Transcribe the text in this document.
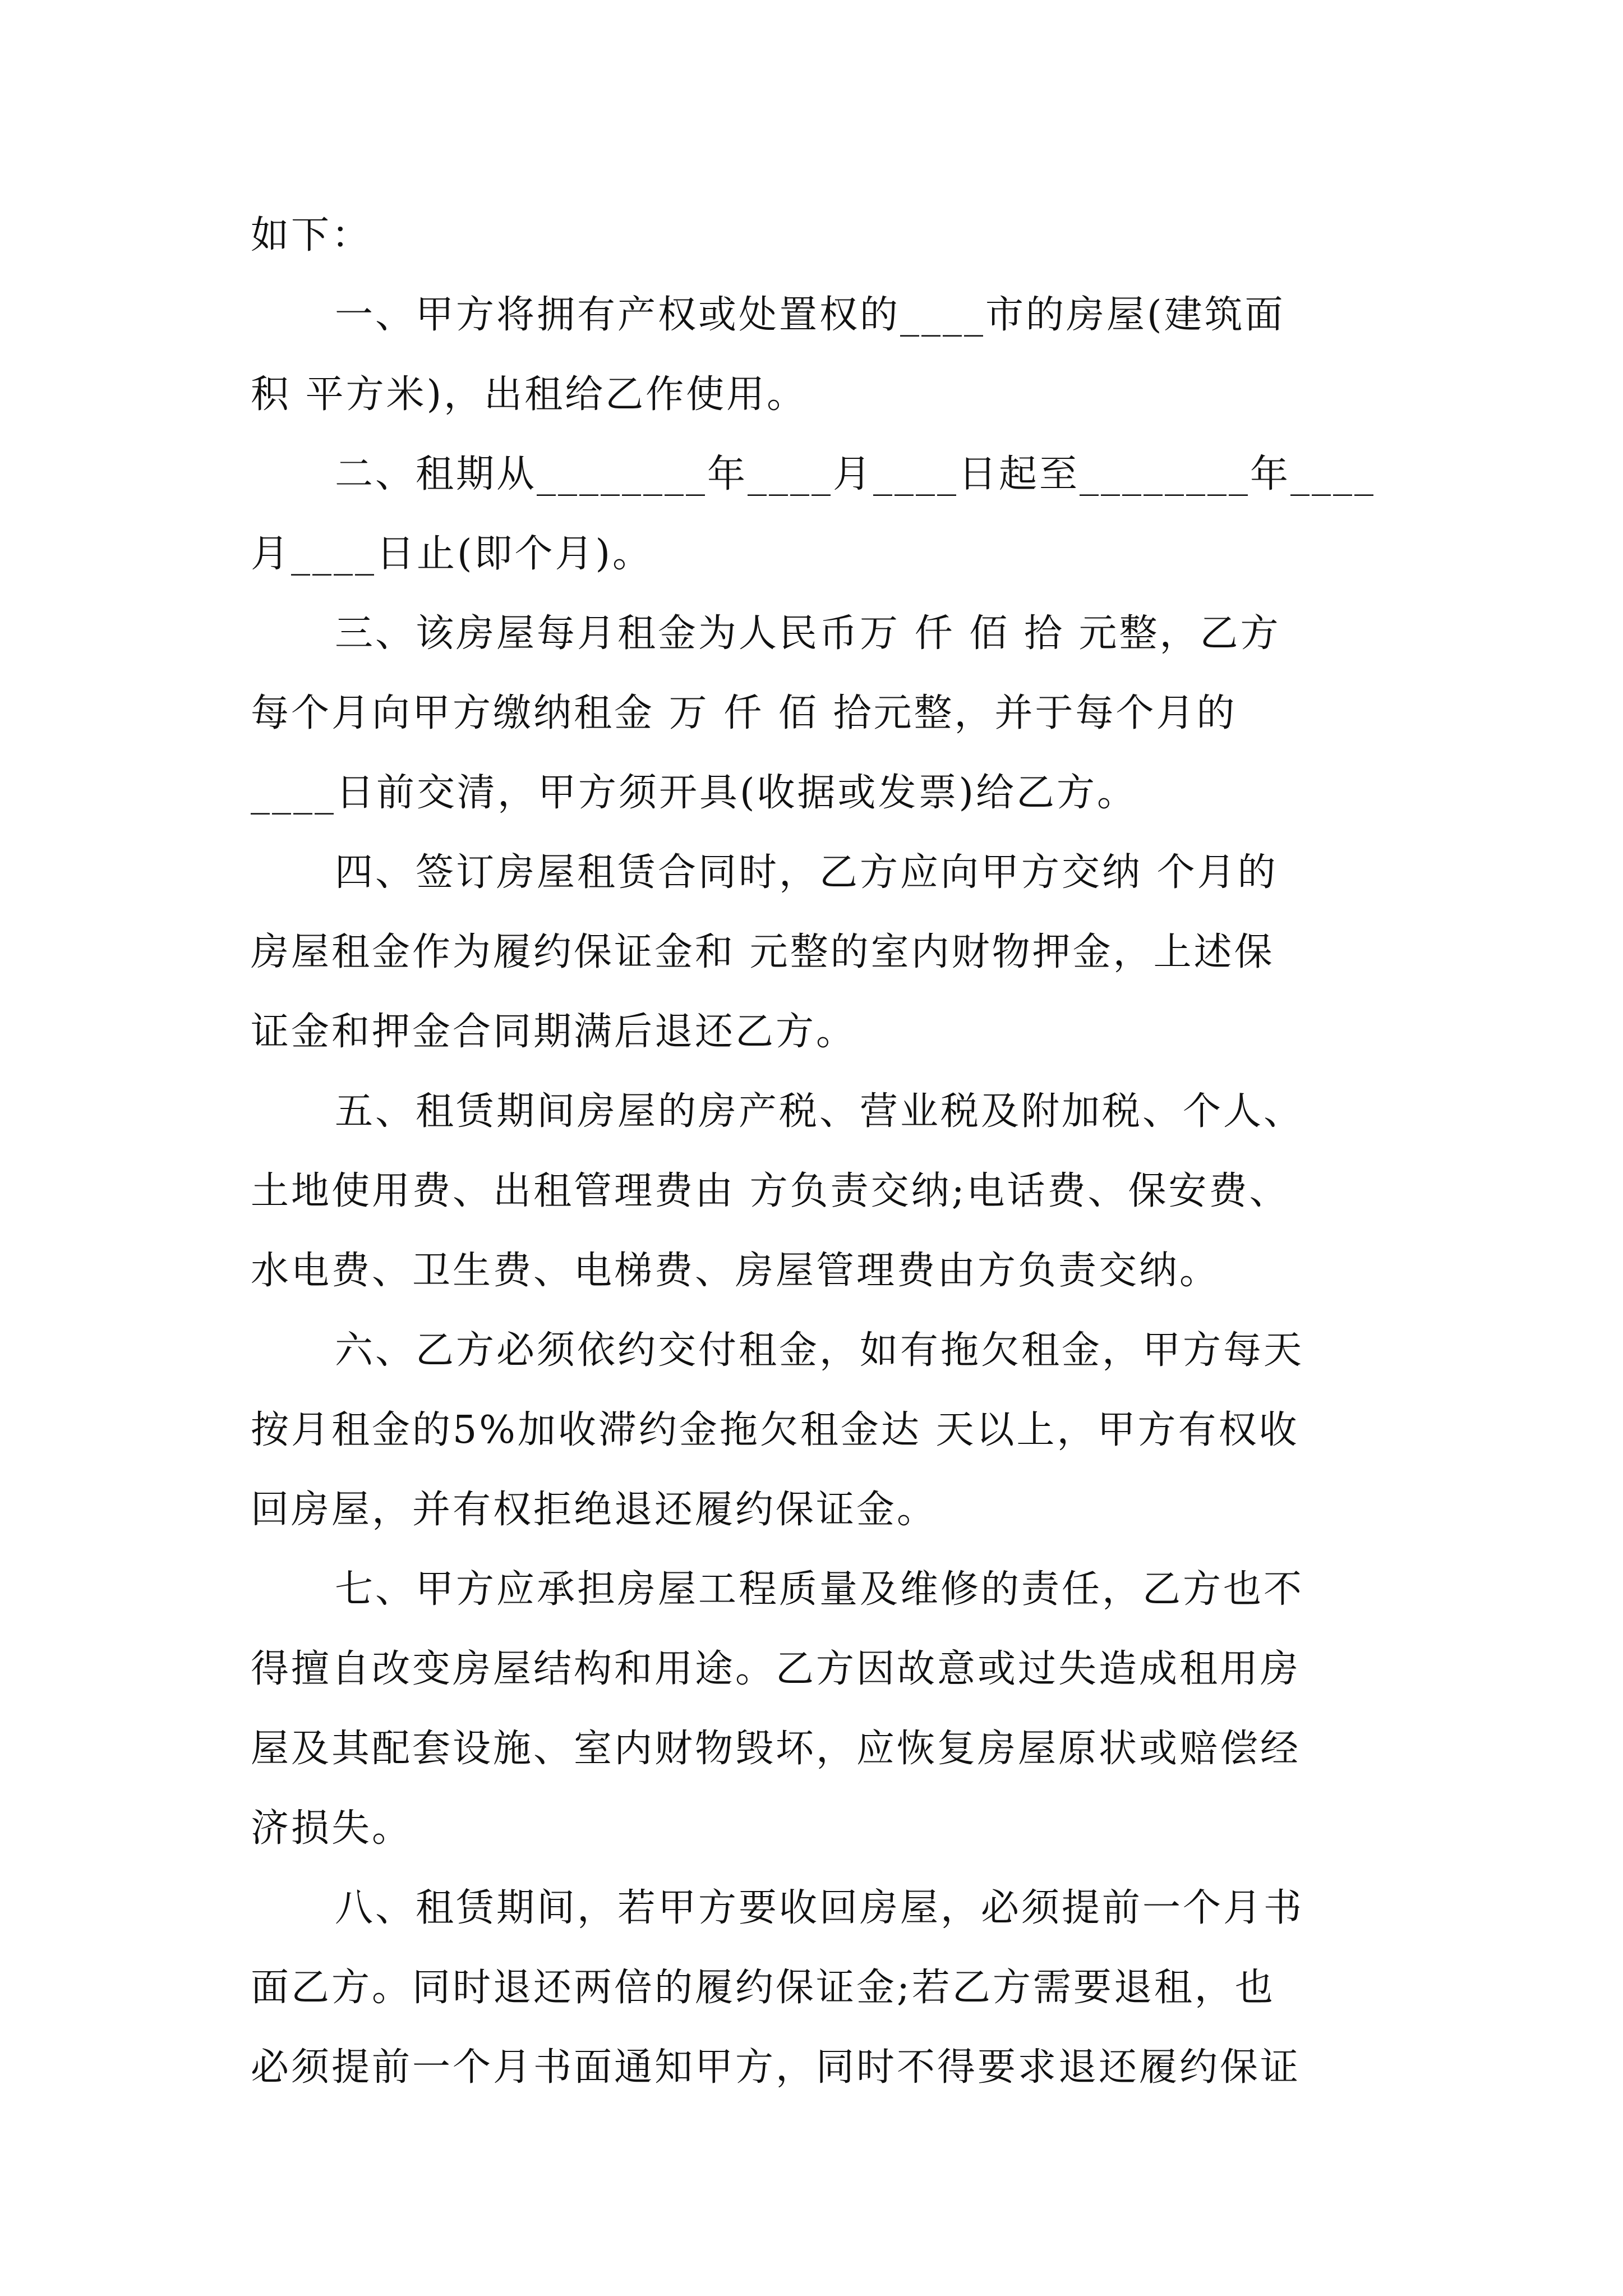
如下：
一、甲方将拥有产权或处置权的____市的房屋(建筑面
积 平方米)，出租给乙作使用。
二、租期从________年____月____日起至________年____
月____日止(即个月)。
三、该房屋每月租金为人民币万 仟 佰 拾 元整，乙方
每个月向甲方缴纳租金 万 仟 佰 拾元整，并于每个月的
____日前交清，甲方须开具(收据或发票)给乙方。
四、签订房屋租赁合同时，乙方应向甲方交纳 个月的
房屋租金作为履约保证金和 元整的室内财物押金，上述保
证金和押金合同期满后退还乙方。
五、租赁期间房屋的房产税、营业税及附加税、个人、
土地使用费、出租管理费由 方负责交纳;电话费、保安费、
水电费、卫生费、电梯费、房屋管理费由方负责交纳。
六、乙方必须依约交付租金，如有拖欠租金，甲方每天
按月租金的5%加收滞约金拖欠租金达 天以上，甲方有权收
回房屋，并有权拒绝退还履约保证金。
七、甲方应承担房屋工程质量及维修的责任，乙方也不
得擅自改变房屋结构和用途。乙方因故意或过失造成租用房
屋及其配套设施、室内财物毁坏，应恢复房屋原状或赔偿经
济损失。
八、租赁期间，若甲方要收回房屋，必须提前一个月书
面乙方。同时退还两倍的履约保证金;若乙方需要退租，也
必须提前一个月书面通知甲方，同时不得要求退还履约保证
